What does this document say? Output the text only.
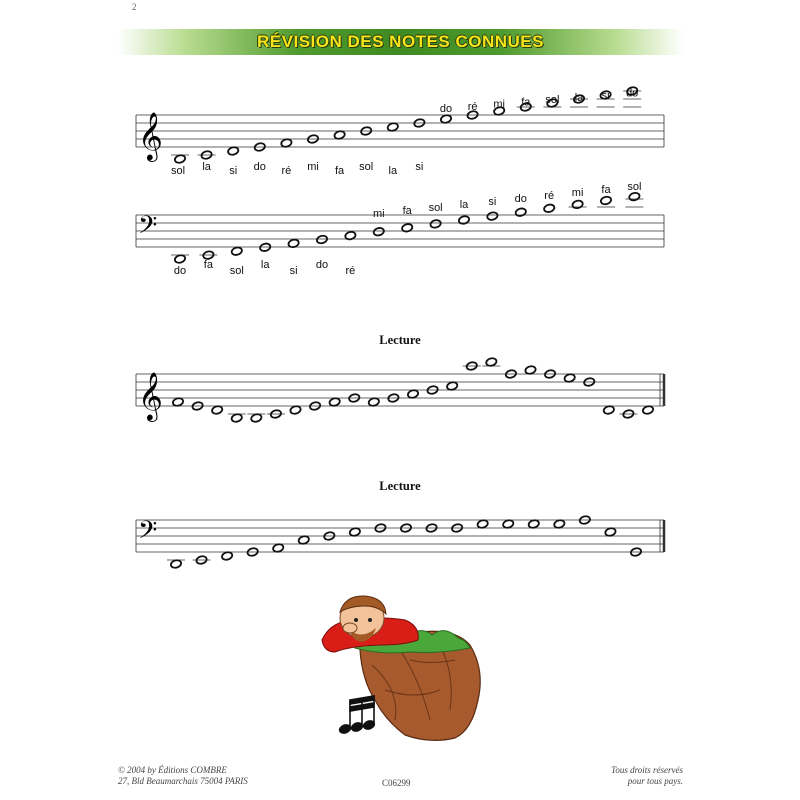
2
RÉVISION DES NOTES CONNUES
𝄞
sol la si do ré mi fa sol la si
do ré mi fa sol la si do
𝄢
do fa sol la si do ré
mi fa sol la si do ré mi fa sol
𝄞
𝄢
Lecture
Lecture
© 2004 by Éditions COMBRE
27, Bld Beaumarchais 75004 PARIS	C06299
Tous droits réservés
pour tous pays.
